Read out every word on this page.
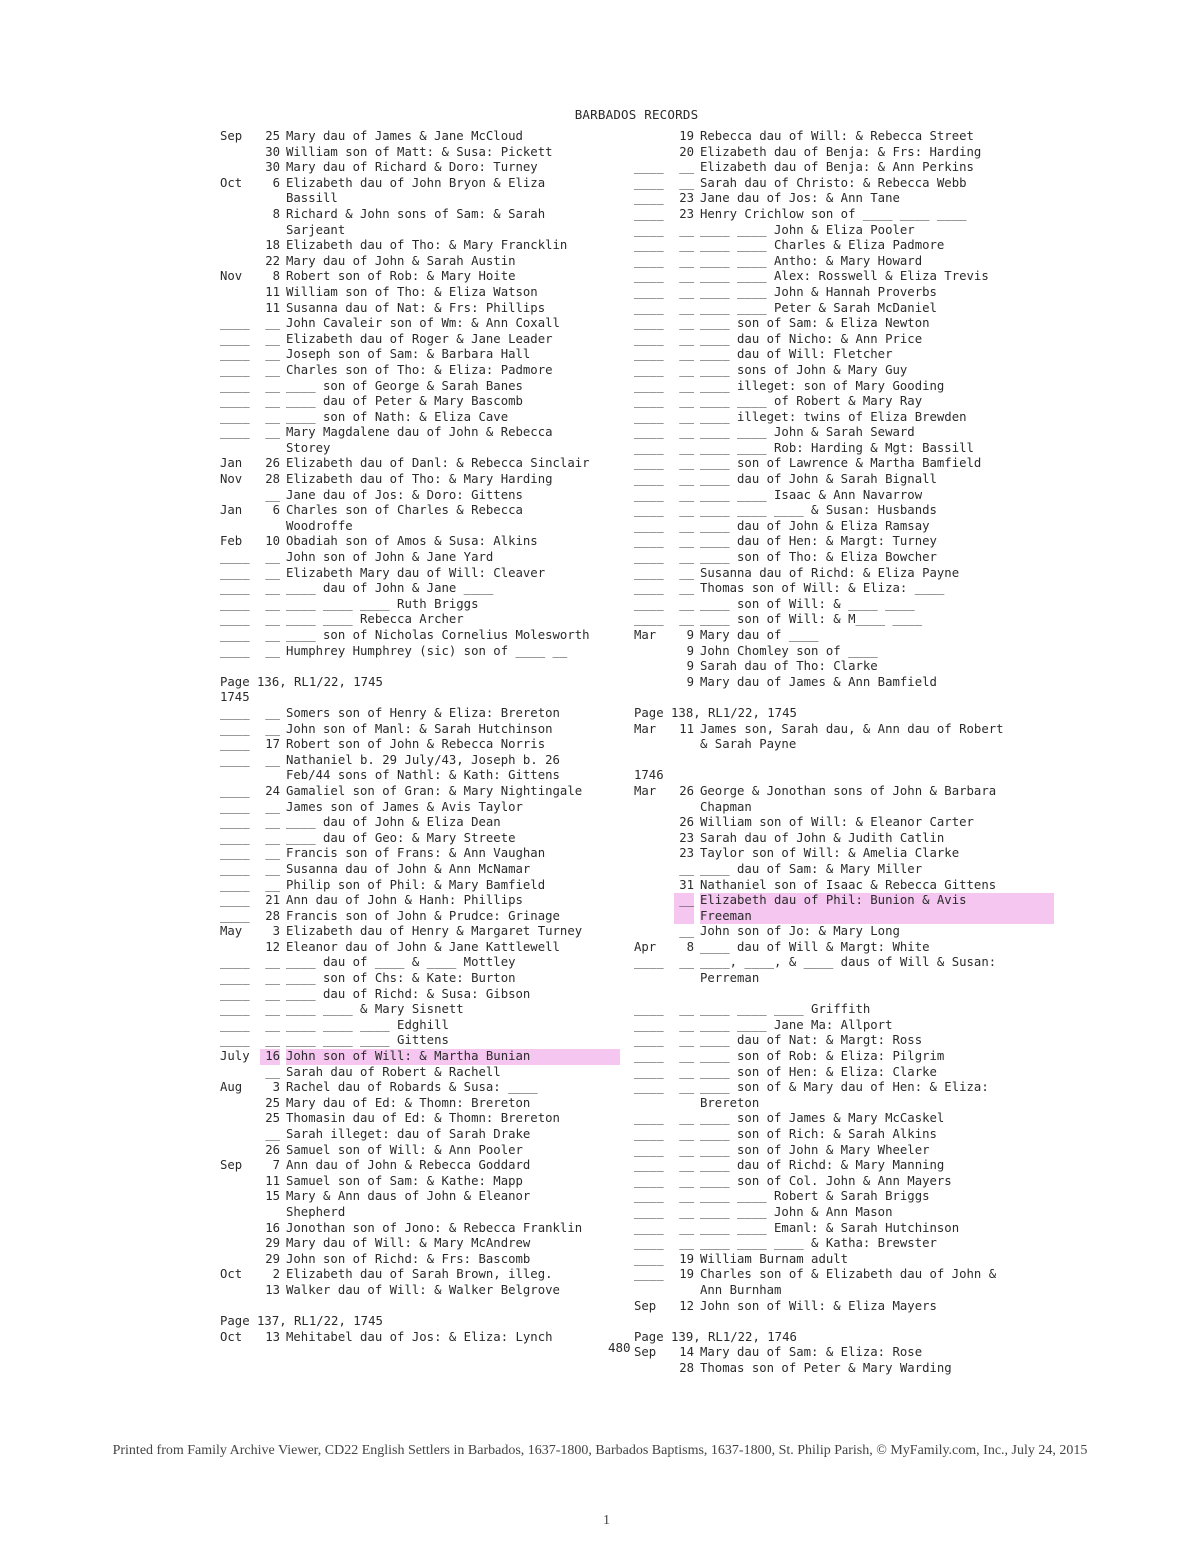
BARBADOS RECORDS
Sep	25 Mary dau of James & Jane McCloud
30 William son of Matt: & Susa: Pickett
30 Mary dau of Richard & Doro: Turney
Oct	6 Elizabeth dau of John Bryon & Eliza
Bassill
8 Richard & John sons of Sam: & Sarah
Sarjeant
18 Elizabeth dau of Tho: & Mary Francklin
22 Mary dau of John & Sarah Austin
Nov	8 Robert son of Rob: & Mary Hoite
11 William son of Tho: & Eliza Watson
11 Susanna dau of Nat: & Frs: Phillips
____	__ John Cavaleir son of Wm: & Ann Coxall
____	__ Elizabeth dau of Roger & Jane Leader
____	__ Joseph son of Sam: & Barbara Hall
____	__ Charles son of Tho: & Eliza: Padmore
____	__ ____ son of George & Sarah Banes
____	__ ____ dau of Peter & Mary Bascomb
____	__ ____ son of Nath: & Eliza Cave
____	__ Mary Magdalene dau of John & Rebecca
Storey
Jan	26 Elizabeth dau of Danl: & Rebecca Sinclair
Nov	28 Elizabeth dau of Tho: & Mary Harding
__ Jane dau of Jos: & Doro: Gittens
Jan	6 Charles son of Charles & Rebecca
Woodroffe
Feb	10 Obadiah son of Amos & Susa: Alkins
____	__ John son of John & Jane Yard
____	__ Elizabeth Mary dau of Will: Cleaver
____	__ ____ dau of John & Jane ____
____	__ ____ ____ ____ Ruth Briggs
____	__ ____ ____ Rebecca Archer
____	__ ____ son of Nicholas Cornelius Molesworth
____	__ Humphrey Humphrey (sic) son of ____ __
Page 136, RL1/22, 1745
1745
____	__ Somers son of Henry & Eliza: Brereton
____	__ John son of Manl: & Sarah Hutchinson
____	17 Robert son of John & Rebecca Norris
____	__ Nathaniel b. 29 July/43, Joseph b. 26
Feb/44 sons of Nathl: & Kath: Gittens
____	24 Gamaliel son of Gran: & Mary Nightingale
____	__ James son of James & Avis Taylor
____	__ ____ dau of John & Eliza Dean
____	__ ____ dau of Geo: & Mary Streete
____	__ Francis son of Frans: & Ann Vaughan
____	__ Susanna dau of John & Ann McNamar
____	__ Philip son of Phil: & Mary Bamfield
____	21 Ann dau of John & Hanh: Phillips
____	28 Francis son of John & Prudce: Grinage
May	3 Elizabeth dau of Henry & Margaret Turney
12 Eleanor dau of John & Jane Kattlewell
____	__ ____ dau of ____ & ____ Mottley
____	__ ____ son of Chs: & Kate: Burton
____	__ ____ dau of Richd: & Susa: Gibson
____	__ ____ ____ & Mary Sisnett
____	__ ____ ____ ____ Edghill
____	__ ____ ____ ____ Gittens
July	16 John son of Will: & Martha Bunian
__ Sarah dau of Robert & Rachell
Aug	3 Rachel dau of Robards & Susa: ____
25 Mary dau of Ed: & Thomn: Brereton
25 Thomasin dau of Ed: & Thomn: Brereton
__ Sarah illeget: dau of Sarah Drake
26 Samuel son of Will: & Ann Pooler
Sep	7 Ann dau of John & Rebecca Goddard
11 Samuel son of Sam: & Kathe: Mapp
15 Mary & Ann daus of John & Eleanor
Shepherd
16 Jonothan son of Jono: & Rebecca Franklin
29 Mary dau of Will: & Mary McAndrew
29 John son of Richd: & Frs: Bascomb
Oct	2 Elizabeth dau of Sarah Brown, illeg.
13 Walker dau of Will: & Walker Belgrove
Page 137, RL1/22, 1745
Oct	13 Mehitabel dau of Jos: & Eliza: Lynch
19 Rebecca dau of Will: & Rebecca Street
20 Elizabeth dau of Benja: & Frs: Harding
____	__ Elizabeth dau of Benja: & Ann Perkins
____	__ Sarah dau of Christo: & Rebecca Webb
____	23 Jane dau of Jos: & Ann Tane
____	23 Henry Crichlow son of ____ ____ ____
____	__ ____ ____ John & Eliza Pooler
____	__ ____ ____ Charles & Eliza Padmore
____	__ ____ ____ Antho: & Mary Howard
____	__ ____ ____ Alex: Rosswell & Eliza Trevis
____	__ ____ ____ John & Hannah Proverbs
____	__ ____ ____ Peter & Sarah McDaniel
____	__ ____ son of Sam: & Eliza Newton
____	__ ____ dau of Nicho: & Ann Price
____	__ ____ dau of Will: Fletcher
____	__ ____ sons of John & Mary Guy
____	__ ____ illeget: son of Mary Gooding
____	__ ____ ____ of Robert & Mary Ray
____	__ ____ illeget: twins of Eliza Brewden
____	__ ____ ____ John & Sarah Seward
____	__ ____ ____ Rob: Harding & Mgt: Bassill
____	__ ____ son of Lawrence & Martha Bamfield
____	__ ____ dau of John & Sarah Bignall
____	__ ____ ____ Isaac & Ann Navarrow
____	__ ____ ____ ____ & Susan: Husbands
____	__ ____ dau of John & Eliza Ramsay
____	__ ____ dau of Hen: & Margt: Turney
____	__ ____ son of Tho: & Eliza Bowcher
____	__ Susanna dau of Richd: & Eliza Payne
____	__ Thomas son of Will: & Eliza: ____
____	__ ____ son of Will: & ____ ____
____	__ ____ son of Will: & M____ ____
Mar	9 Mary dau of ____
9 John Chomley son of ____
9 Sarah dau of Tho: Clarke
9 Mary dau of James & Ann Bamfield
Page 138, RL1/22, 1745
Mar	11 James son, Sarah dau, & Ann dau of Robert
& Sarah Payne
1746
Mar	26 George & Jonothan sons of John & Barbara
Chapman
26 William son of Will: & Eleanor Carter
23 Sarah dau of John & Judith Catlin
23 Taylor son of Will: & Amelia Clarke
__ ____ dau of Sam: & Mary Miller
31 Nathaniel son of Isaac & Rebecca Gittens
__ Elizabeth dau of Phil: Bunion & Avis
Freeman
__ John son of Jo: & Mary Long
Apr	8 ____ dau of Will & Margt: White
____	__ ____, ____, & ____ daus of Will & Susan:
Perreman
____	__ ____ ____ ____ Griffith
____	__ ____ ____ Jane Ma: Allport
____	__ ____ dau of Nat: & Margt: Ross
____	__ ____ son of Rob: & Eliza: Pilgrim
____	__ ____ son of Hen: & Eliza: Clarke
____	__ ____ son of & Mary dau of Hen: & Eliza:
Brereton
____	__ ____ son of James & Mary McCaskel
____	__ ____ son of Rich: & Sarah Alkins
____	__ ____ son of John & Mary Wheeler
____	__ ____ dau of Richd: & Mary Manning
____	__ ____ son of Col. John & Ann Mayers
____	__ ____ ____ Robert & Sarah Briggs
____	__ ____ ____ John & Ann Mason
____	__ ____ ____ Emanl: & Sarah Hutchinson
____	__ ____ ____ ____ & Katha: Brewster
____	19 William Burnam adult
____	19 Charles son of & Elizabeth dau of John &
Ann Burnham
Sep	12 John son of Will: & Eliza Mayers
Page 139, RL1/22, 1746
Sep	14 Mary dau of Sam: & Eliza: Rose
28 Thomas son of Peter & Mary Warding
480
Printed from Family Archive Viewer, CD22 English Settlers in Barbados, 1637-1800, Barbados Baptisms, 1637-1800, St. Philip Parish, © MyFamily.com, Inc., July 24, 2015
1
